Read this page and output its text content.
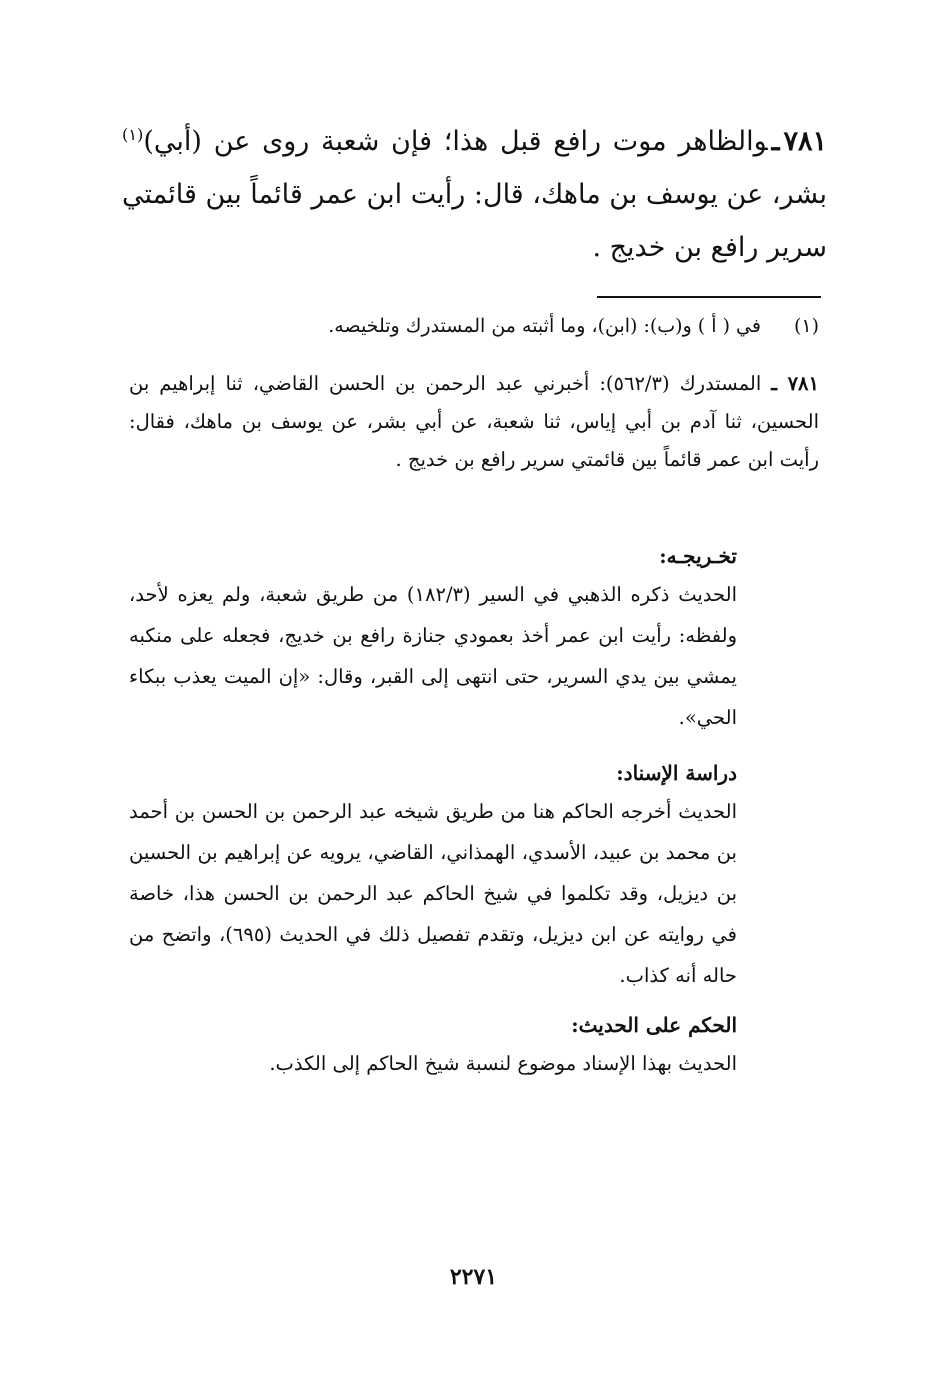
٧٨١ـوالظاهر موت رافع قبل هذا؛ فإن شعبة روى عن (أبي)$^{(١)}$ بشر، عن يوسف بن ماهك، قال: رأيت ابن عمر قائماً بين قائمتي سرير رافع بن خديج .
(١) في ( أ ) و(ب): (ابن)، وما أثبته من المستدرك وتلخيصه.
٧٨١ ـ المستدرك (٥٦٢/٣): أخبرني عبد الرحمن بن الحسن القاضي، ثنا إبراهيم بن الحسين، ثنا آدم بن أبي إياس، ثنا شعبة، عن أبي بشر، عن يوسف بن ماهك، فقال: رأيت ابن عمر قائماً بين قائمتي سرير رافع بن خديج .
تخـريجـه:
الحديث ذكره الذهبي في السير (١٨٢/٣) من طريق شعبة، ولم يعزه لأحد، ولفظه: رأيت ابن عمر أخذ بعمودي جنازة رافع بن خديج، فجعله على منكبه يمشي بين يدي السرير، حتى انتهى إلى القبر، وقال: «إن الميت يعذب ببكاء الحي».
دراسة الإسناد:
الحديث أخرجه الحاكم هنا من طريق شيخه عبد الرحمن بن الحسن بن أحمد بن محمد بن عبيد، الأسدي، الهمذاني، القاضي، يرويه عن إبراهيم بن الحسين بن ديزيل، وقد تكلموا في شيخ الحاكم عبد الرحمن بن الحسن هذا، خاصة في روايته عن ابن ديزيل، وتقدم تفصيل ذلك في الحديث (٦٩٥)، واتضح من حاله أنه كذاب.
الحكم على الحديث:
الحديث بهذا الإسناد موضوع لنسبة شيخ الحاكم إلى الكذب.
٢٢٧١
